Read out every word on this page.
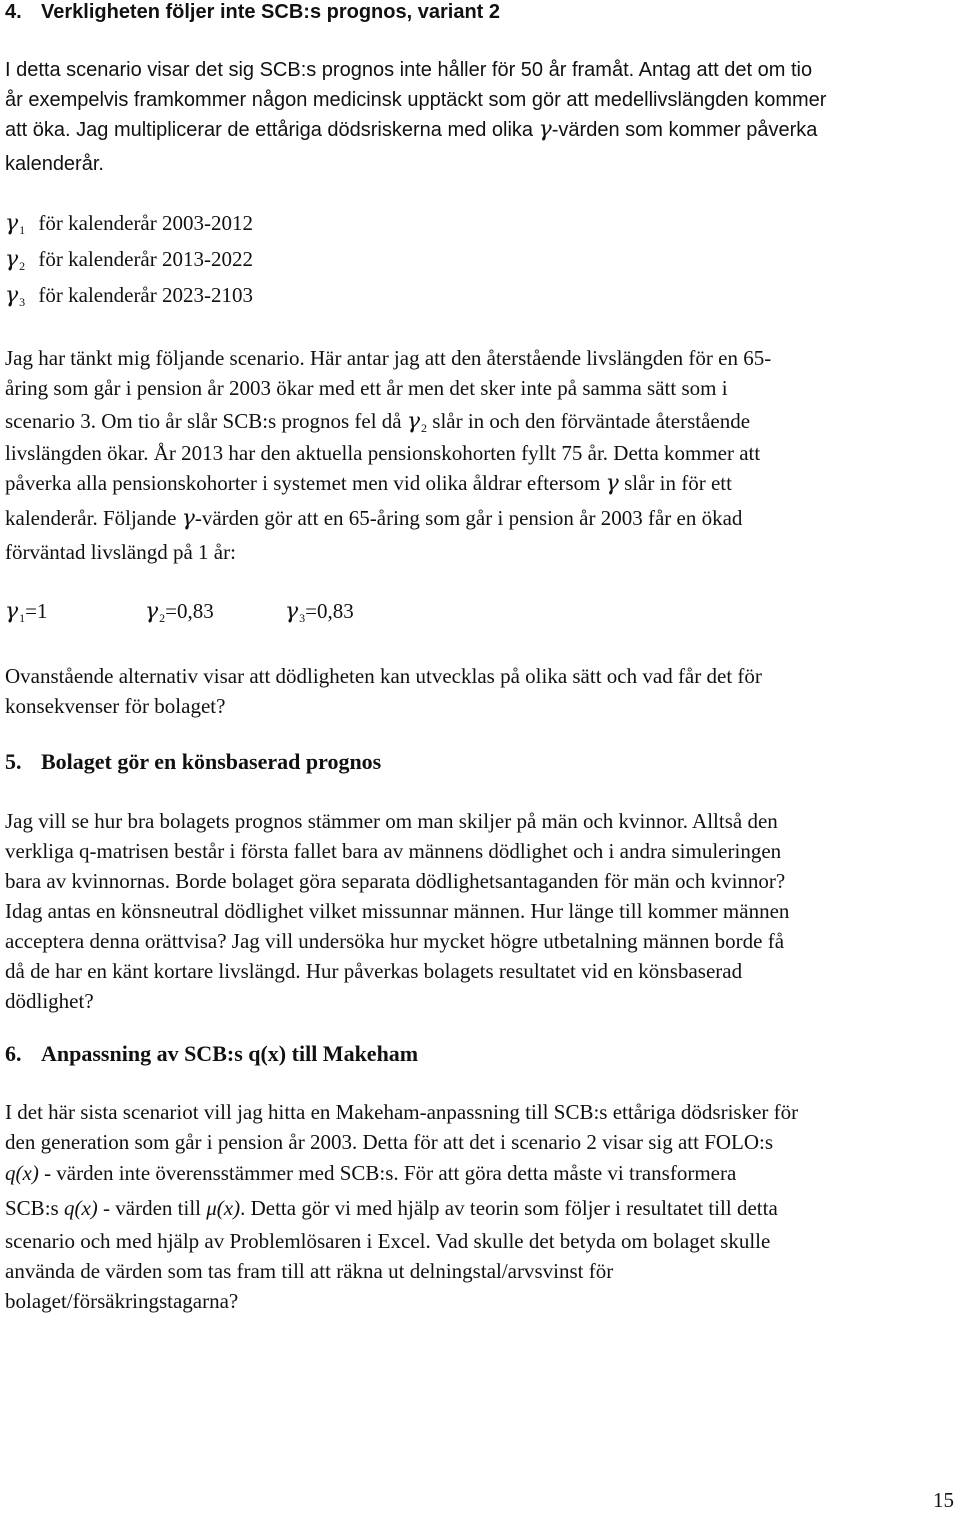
4. Verkligheten följer inte SCB:s prognos, variant 2
I detta scenario visar det sig SCB:s prognos inte håller för 50 år framåt. Antag att det om tio
år exempelvis framkommer någon medicinsk upptäckt som gör att medellivslängden kommer
att öka. Jag multiplicerar de ettåriga dödsriskerna med olika γ-värden som kommer påverka
kalenderår.
$\gamma_1$ för kalenderår 2003-2012
$\gamma_2$ för kalenderår 2013-2022
$\gamma_3$ för kalenderår 2023-2103
Jag har tänkt mig följande scenario. Här antar jag att den återstående livslängden för en 65-
åring som går i pension år 2003 ökar med ett år men det sker inte på samma sätt som i
scenario 3. Om tio år slår SCB:s prognos fel då $\gamma_2$ slår in och den förväntade återstående
livslängden ökar. År 2013 har den aktuella pensionskohorten fyllt 75 år. Detta kommer att
påverka alla pensionskohorter i systemet men vid olika åldrar eftersom γ slår in för ett
kalenderår. Följande γ-värden gör att en 65-åring som går i pension år 2003 får en ökad
förväntad livslängd på 1 år:
$\gamma_1=1$	$\gamma_2=0,83$	$\gamma_3=0,83$
Ovanstående alternativ visar att dödligheten kan utvecklas på olika sätt och vad får det för
konsekvenser för bolaget?
5. Bolaget gör en könsbaserad prognos
Jag vill se hur bra bolagets prognos stämmer om man skiljer på män och kvinnor. Alltså den
verkliga q-matrisen består i första fallet bara av männens dödlighet och i andra simuleringen
bara av kvinnornas. Borde bolaget göra separata dödlighetsantaganden för män och kvinnor?
Idag antas en könsneutral dödlighet vilket missunnar männen. Hur länge till kommer männen
acceptera denna orättvisa? Jag vill undersöka hur mycket högre utbetalning männen borde få
då de har en känt kortare livslängd. Hur påverkas bolagets resultatet vid en könsbaserad
dödlighet?
6. Anpassning av SCB:s q(x) till Makeham
I det här sista scenariot vill jag hitta en Makeham-anpassning till SCB:s ettåriga dödsrisker för
den generation som går i pension år 2003. Detta för att det i scenario 2 visar sig att FOLO:s
q(x) - värden inte överensstämmer med SCB:s. För att göra detta måste vi transformera
SCB:s q(x) - värden till μ(x). Detta gör vi med hjälp av teorin som följer i resultatet till detta
scenario och med hjälp av Problemlösaren i Excel. Vad skulle det betyda om bolaget skulle
använda de värden som tas fram till att räkna ut delningstal/arvsvinst för
bolaget/försäkringstagarna?
15
